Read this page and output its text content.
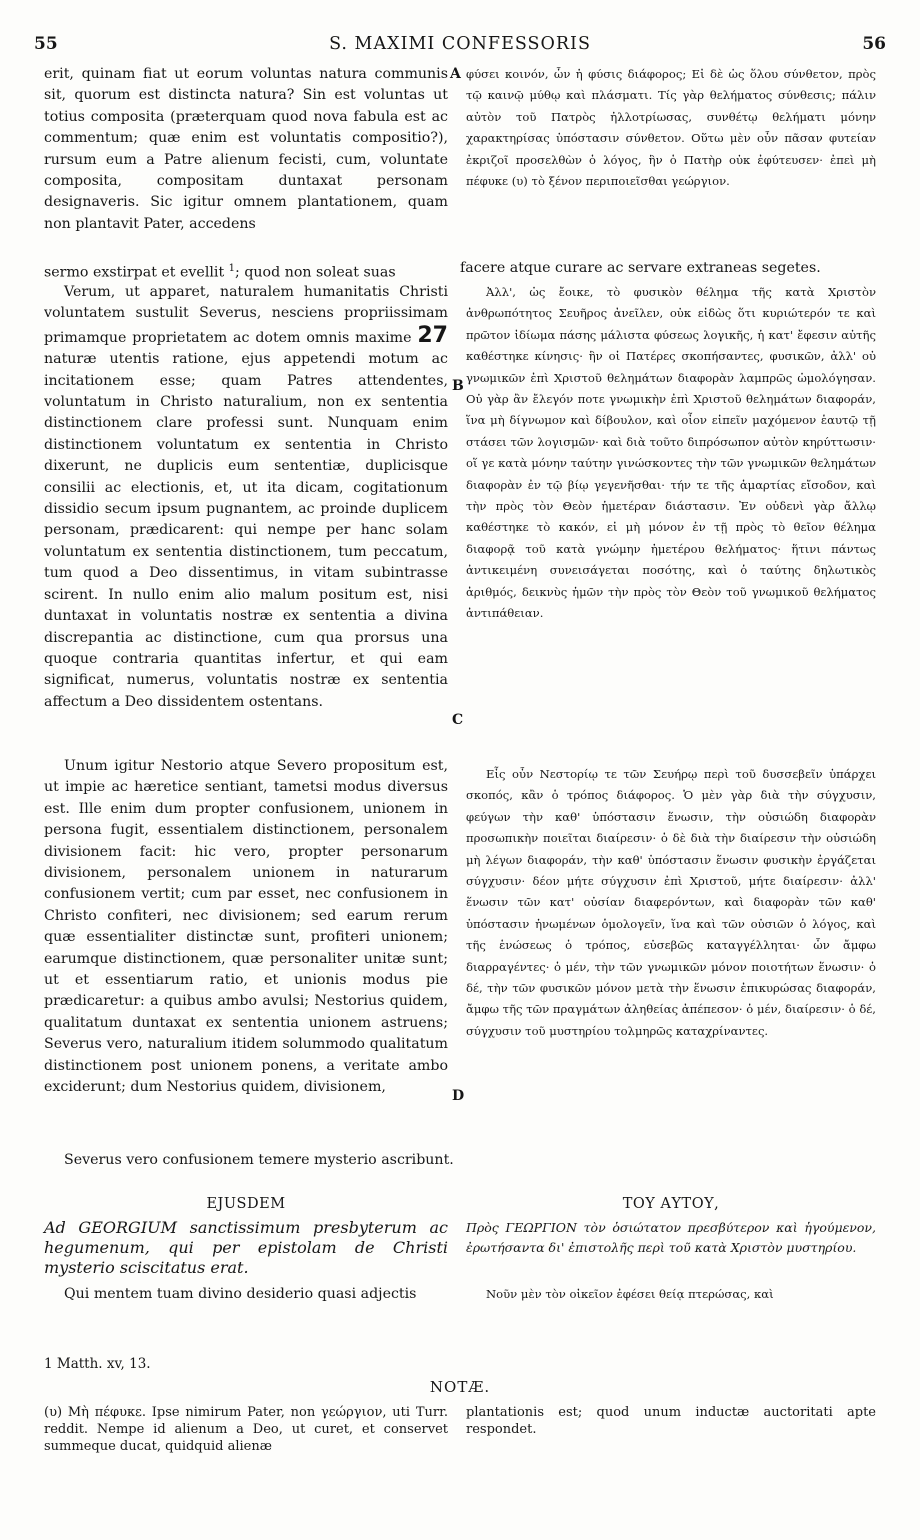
55	S. MAXIMI CONFESSORIS	56

erit, quinam fiat ut eorum voluntas natura communis sit, quorum est distincta natura? Sin est voluntas ut totius composita (præterquam quod nova fabula est ac commentum; quæ enim est voluntatis compositio?), rursum eum a Patre alienum fecisti, cum, voluntate composita, compositam duntaxat personam designaveris. Sic igitur omnem plantationem, quam non plantavit Pater, accedens

sermo exstirpat et evellit $^1$; quod non soleat suas	facere atque curare ac servare extraneas segetes.

Verum, ut apparet, naturalem humanitatis Christi voluntatem sustulit Severus, nesciens propriissimam primamque proprietatem ac dotem omnis maxime 27 naturæ utentis ratione, ejus appetendi motum ac incitationem esse; quam Patres attendentes, voluntatum in Christo naturalium, non ex sententia distinctionem clare professi sunt. Nunquam enim distinctionem voluntatum ex sententia in Christo dixerunt, ne duplicis eum sententiæ, duplicisque consilii ac electionis, et, ut ita dicam, cogitationum dissidio secum ipsum pugnantem, ac proinde duplicem personam, prædicarent: qui nempe per hanc solam voluntatum ex sententia distinctionem, tum peccatum, tum quod a Deo dissentimus, in vitam subintrasse scirent. In nullo enim alio malum positum est, nisi duntaxat in voluntatis nostræ ex sententia a divina discrepantia ac distinctione, cum qua prorsus una quoque contraria quantitas infertur, et qui eam significat, numerus, voluntatis nostræ ex sententia affectum a Deo dissidentem ostentans.

Unum igitur Nestorio atque Severo propositum est, ut impie ac hæretice sentiant, tametsi modus diversus est. Ille enim dum propter confusionem, unionem in persona fugit, essentialem distinctionem, personalem divisionem facit: hic vero, propter personarum divisionem, personalem unionem in naturarum confusionem vertit; cum par esset, nec confusionem in Christo confiteri, nec divisionem; sed earum rerum quæ essentialiter distinctæ sunt, profiteri unionem; earumque distinctionem, quæ personaliter unitæ sunt; ut et essentiarum ratio, et unionis modus pie prædicaretur: a quibus ambo avulsi; Nestorius quidem, qualitatum duntaxat ex sententia unionem astruens; Severus vero, naturalium itidem solummodo qualitatum distinctionem post unionem ponens, a veritate ambo exciderunt; dum Nestorius quidem, divisionem,

Severus vero confusionem temere mysterio ascribunt.

φύσει κοινόν, ὧν ἡ φύσις διάφορος; Εἰ δὲ ὡς ὅλου σύνθετον, πρὸς τῷ καινῷ μύθῳ καὶ πλάσματι. Τίς γὰρ θελήματος σύνθεσις; πάλιν αὐτὸν τοῦ Πατρὸς ἠλλοτρίωσας, συνθέτῳ θελήματι μόνην χαρακτηρίσας ὑπόστασιν σύνθετον. Οὕτω μὲν οὖν πᾶσαν φυτείαν ἐκριζοῖ προσελθὼν ὁ λόγος, ἣν ὁ Πατὴρ οὐκ ἐφύτευσεν· ἐπεὶ μὴ πέφυκε (υ) τὸ ξένον περιποιεῖσθαι γεώργιον.

Ἀλλ', ὡς ἔοικε, τὸ φυσικὸν θέλημα τῆς κατὰ Χριστὸν ἀνθρωπότητος Σευῆρος ἀνεῖλεν, οὐκ εἰδὼς ὅτι κυριώτερόν τε καὶ πρῶτον ἰδίωμα πάσης μάλιστα φύσεως λογικῆς, ἡ κατ' ἔφεσιν αὐτῆς καθέστηκε κίνησις· ἣν οἱ Πατέρες σκοπήσαντες, φυσικῶν, ἀλλ' οὐ γνωμικῶν ἐπὶ Χριστοῦ θελημάτων διαφορὰν λαμπρῶς ὡμολόγησαν. Οὐ γὰρ ἂν ἔλεγόν ποτε γνωμικὴν ἐπὶ Χριστοῦ θελημάτων διαφοράν, ἵνα μὴ δίγνωμον καὶ δίβουλον, καὶ οἷον εἰπεῖν μαχόμενον ἑαυτῷ τῇ στάσει τῶν λογισμῶν· καὶ διὰ τοῦτο διπρόσωπον αὐτὸν κηρύττωσιν· οἵ γε κατὰ μόνην ταύτην γινώσκοντες τὴν τῶν γνωμικῶν θελημάτων διαφορὰν ἐν τῷ βίῳ γεγενῆσθαι· τήν τε τῆς ἁμαρτίας εἴσοδον, καὶ τὴν πρὸς τὸν Θεὸν ἡμετέραν διάστασιν. Ἐν οὐδενὶ γὰρ ἄλλῳ καθέστηκε τὸ κακόν, εἰ μὴ μόνον ἐν τῇ πρὸς τὸ θεῖον θέλημα διαφορᾷ τοῦ κατὰ γνώμην ἡμετέρου θελήματος· ἥτινι πάντως ἀντικειμένη συνεισάγεται ποσότης, καὶ ὁ ταύτης δηλωτικὸς ἀριθμός, δεικνὺς ἡμῶν τὴν πρὸς τὸν Θεὸν τοῦ γνωμικοῦ θελήματος ἀντιπάθειαν.

Εἷς οὖν Νεστορίῳ τε τῶν Σευήρῳ περὶ τοῦ δυσσεβεῖν ὑπάρχει σκοπός, κἂν ὁ τρόπος διάφορος. Ὁ μὲν γὰρ διὰ τὴν σύγχυσιν, φεύγων τὴν καθ' ὑπόστασιν ἕνωσιν, τὴν οὐσιώδη διαφορὰν προσωπικὴν ποιεῖται διαίρεσιν· ὁ δὲ διὰ τὴν διαίρεσιν τὴν οὐσιώδη μὴ λέγων διαφοράν, τὴν καθ' ὑπόστασιν ἕνωσιν φυσικὴν ἐργάζεται σύγχυσιν· δέον μήτε σύγχυσιν ἐπὶ Χριστοῦ, μήτε διαίρεσιν· ἀλλ' ἕνωσιν τῶν κατ' οὐσίαν διαφερόντων, καὶ διαφορὰν τῶν καθ' ὑπόστασιν ἡνωμένων ὁμολογεῖν, ἵνα καὶ τῶν οὐσιῶν ὁ λόγος, καὶ τῆς ἑνώσεως ὁ τρόπος, εὐσεβῶς καταγγέλληται· ὧν ἄμφω διαρραγέντες· ὁ μέν, τὴν τῶν γνωμικῶν μόνον ποιοτήτων ἕνωσιν· ὁ δέ, τὴν τῶν φυσικῶν μόνον μετὰ τὴν ἕνωσιν ἐπικυρώσας διαφοράν, ἄμφω τῆς τῶν πραγμάτων ἀληθείας ἀπέπεσον· ὁ μέν, διαίρεσιν· ὁ δέ, σύγχυσιν τοῦ μυστηρίου τολμηρῶς καταχρίναντες.

A
B
C
D
EJUSDEM	ΤΟΥ ΑΥΤΟΥ,
Ad GEORGIUM sanctissimum presbyterum ac hegumenum, qui per epistolam de Christi mysterio sciscitatus erat.
Πρὸς ΓΕΩΡΓΙΟΝ τὸν ὁσιώτατον πρεσβύτερον καὶ ἡγούμενον, ἐρωτήσαντα δι' ἐπιστολῆς περὶ τοῦ κατὰ Χριστὸν μυστηρίου.
Qui mentem tuam divino desiderio quasi adjectis	Νοῦν μὲν τὸν οἰκεῖον ἐφέσει θείᾳ πτερώσας, καὶ
1 Matth. xv, 13.
NOTÆ.
(υ) Μὴ πέφυκε. Ipse nimirum Pater, non γεώργιον, uti Turr. reddit. Nempe id alienum a Deo, ut curet, et conservet summeque ducat, quidquid alienæ
plantationis est; quod unum inductæ auctoritati apte respondet.
